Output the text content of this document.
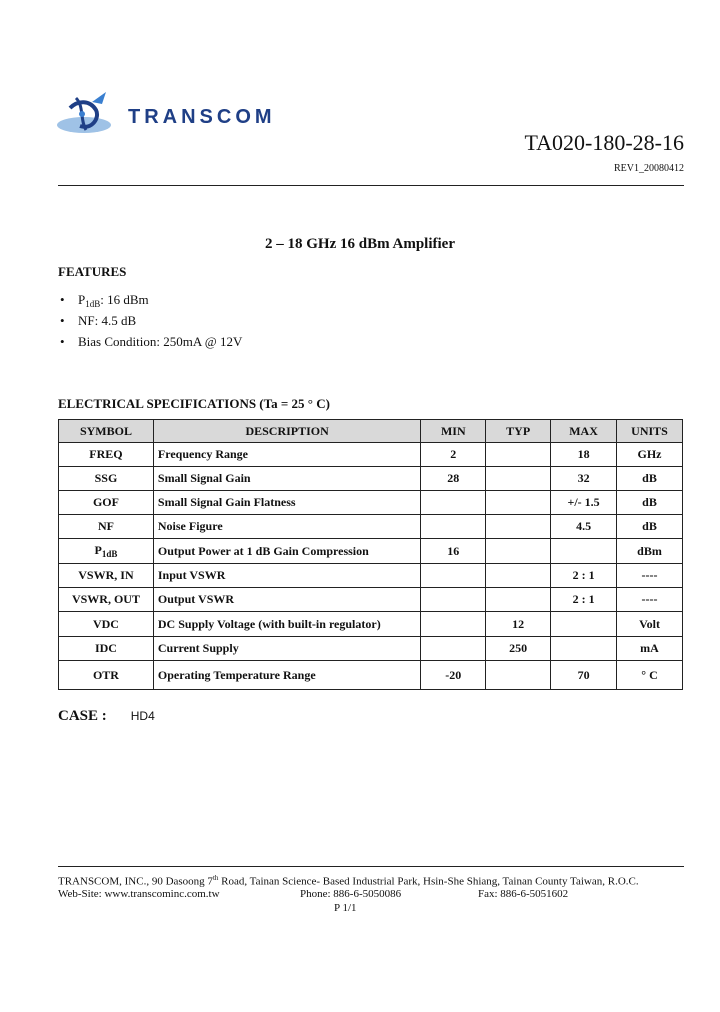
TRANSCOM
TA020-180-28-16
REV1_20080412
2 – 18 GHz 16 dBm Amplifier
FEATURES
• $P_{1dB}$: 16 dBm
• NF: 4.5 dB
• Bias Condition: 250mA @ 12V
ELECTRICAL SPECIFICATIONS (Ta = 25 ° C)
SYMBOL	DESCRIPTION	MIN	TYP	MAX	UNITS
FREQ	Frequency Range	2		18	GHz
SSG	Small Signal Gain	28		32	dB
GOF	Small Signal Gain Flatness			+/- 1.5	dB
NF	Noise Figure			4.5	dB
$P_{1dB}$	Output Power at 1 dB Gain Compression	16			dBm
VSWR, IN	Input VSWR			2 : 1	----
VSWR, OUT	Output VSWR			2 : 1	----
VDC	DC Supply Voltage (with built-in regulator)		12		Volt
IDC	Current Supply		250		mA
OTR	Operating Temperature Range	-20		70	° C
CASE : HD4
TRANSCOM, INC., 90 Dasoong 7th Road, Tainan Science- Based Industrial Park, Hsin-She Shiang, Tainan County Taiwan, R.O.C.
Web-Site: www.transcominc.com.tw	Phone: 886-6-5050086	Fax: 886-6-5051602
P 1/1
